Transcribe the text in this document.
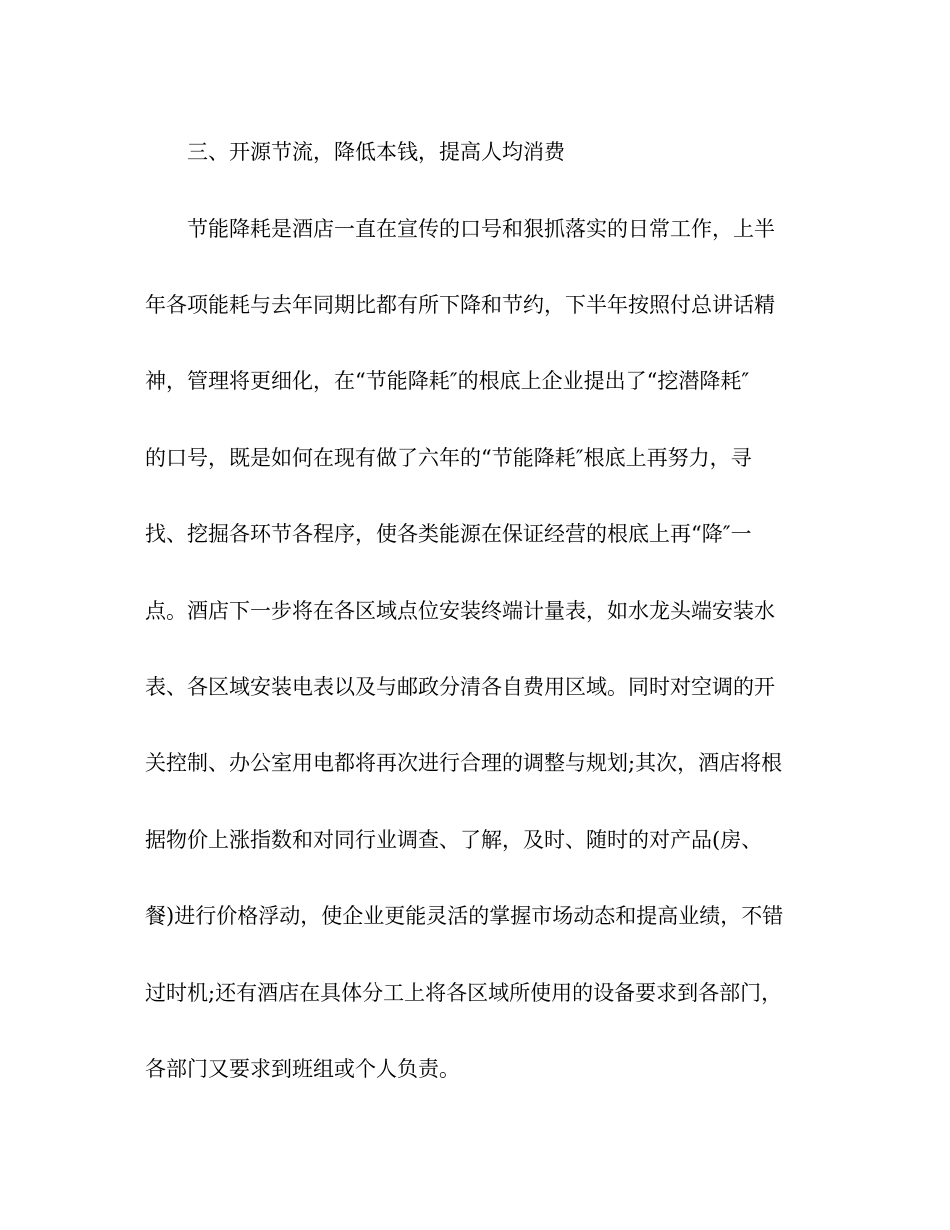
三、开源节流，降低本钱，提高人均消费
节能降耗是酒店一直在宣传的口号和狠抓落实的日常工作，上半
年各项能耗与去年同期比都有所下降和节约，下半年按照付总讲话精
神，管理将更细化，在“节能降耗″的根底上企业提出了“挖潜降耗″
的口号，既是如何在现有做了六年的“节能降耗″根底上再努力，寻
找、挖掘各环节各程序，使各类能源在保证经营的根底上再“降″一
点。酒店下一步将在各区域点位安装终端计量表，如水龙头端安装水
表、各区域安装电表以及与邮政分清各自费用区域。同时对空调的开
关控制、办公室用电都将再次进行合理的调整与规划;其次，酒店将根
据物价上涨指数和对同行业调查、了解，及时、随时的对产品(房、
餐)进行价格浮动，使企业更能灵活的掌握市场动态和提高业绩，不错
过时机;还有酒店在具体分工上将各区域所使用的设备要求到各部门，
各部门又要求到班组或个人负责。
